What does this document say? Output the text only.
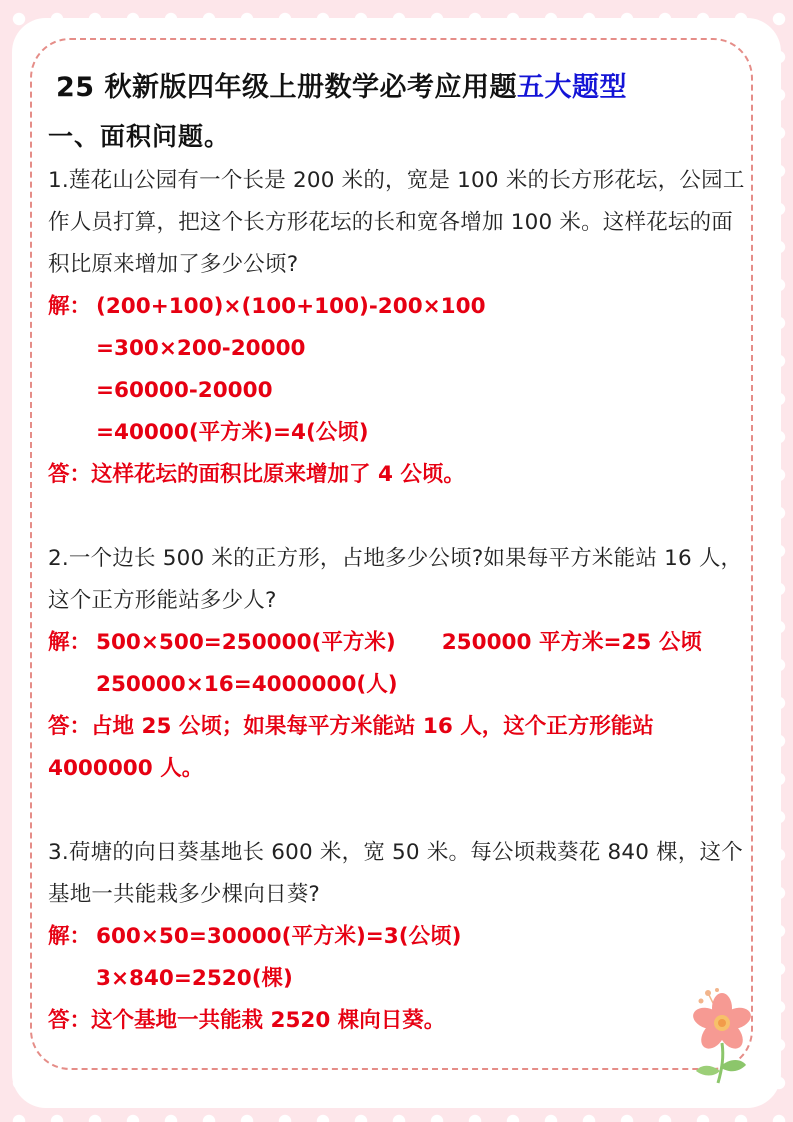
25 秋新版四年级上册数学必考应用题五大题型
一、面积问题。
1.莲花山公园有一个长是 200 米的，宽是 100 米的长方形花坛，公园工作人员打算，把这个长方形花坛的长和宽各增加 100 米。这样花坛的面积比原来增加了多少公顷?
解： (200+100)×(100+100)-200×100
=300×200-20000
=60000-20000
=40000(平方米)=4(公顷)
答：这样花坛的面积比原来增加了 4 公顷。
2.一个边长 500 米的正方形，占地多少公顷?如果每平方米能站 16 人，这个正方形能站多少人?
解： 500×500=250000(平方米) 250000 平方米=25 公顷
250000×16=4000000(人)
答：占地 25 公顷；如果每平方米能站 16 人，这个正方形能站 4000000 人。
3.荷塘的向日葵基地长 600 米，宽 50 米。每公顷栽葵花 840 棵，这个基地一共能栽多少棵向日葵?
解： 600×50=30000(平方米)=3(公顷)
3×840=2520(棵)
答：这个基地一共能栽 2520 棵向日葵。
